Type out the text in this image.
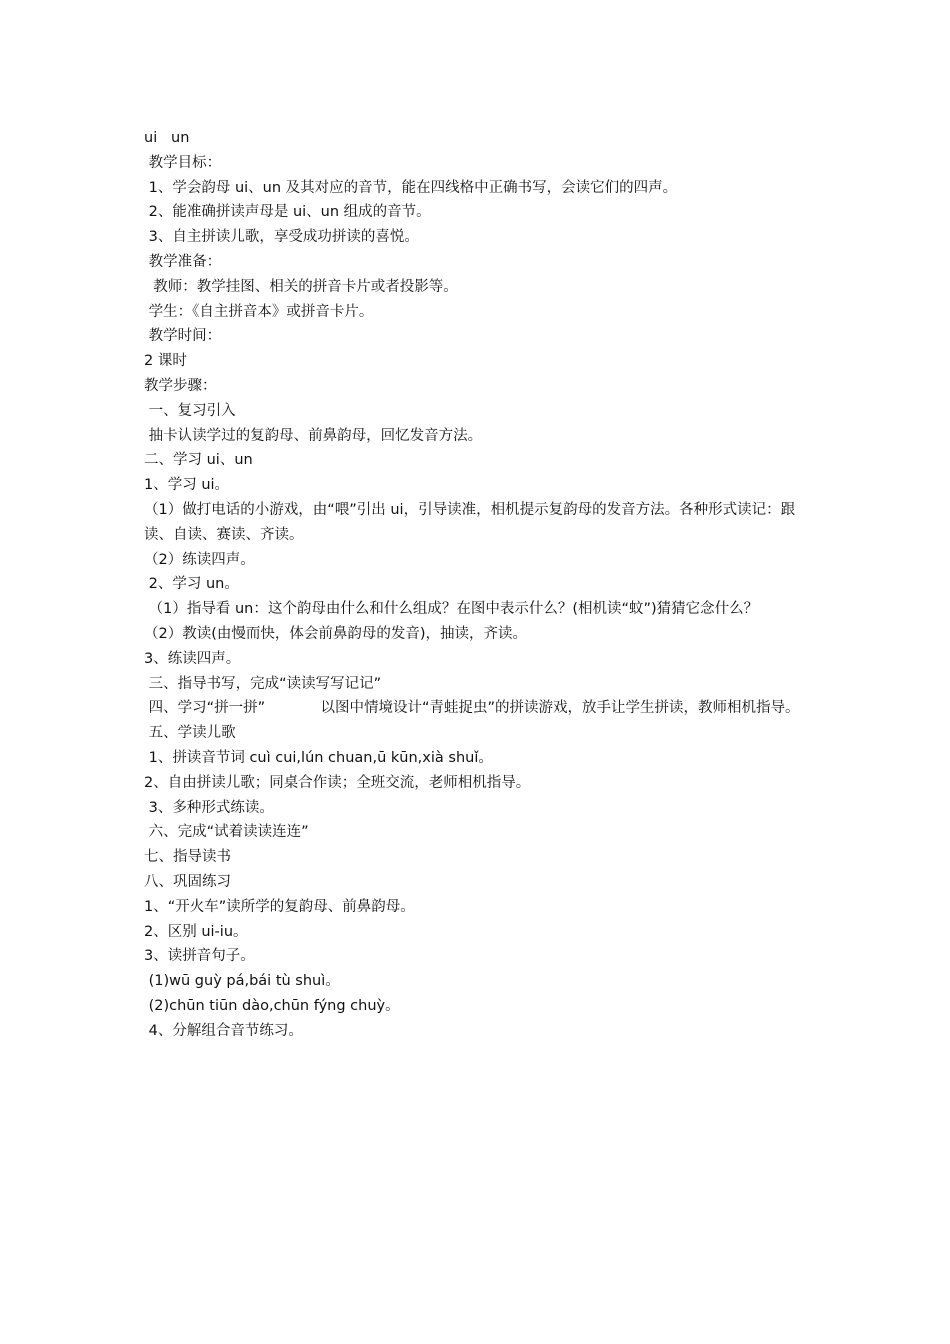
ui   un

教学目标：

1、学会韵母 ui、un 及其对应的音节，能在四线格中正确书写，会读它们的四声。

2、能准确拼读声母是 ui、un 组成的音节。

3、自主拼读儿歌，享受成功拼读的喜悦。

教学准备：

教师：教学挂图、相关的拼音卡片或者投影等。

学生：《自主拼音本》或拼音卡片。

教学时间：

2 课时

教学步骤：

一、复习引入

抽卡认读学过的复韵母、前鼻韵母，回忆发音方法。

二、学习 ui、un

1、学习 ui。

（1）做打电话的小游戏，由“喂”引出 ui，引导读准，相机提示复韵母的发音方法。各种形式读记：跟读、自读、赛读、齐读。

（2）练读四声。

2、学习 un。

（1）指导看 un：这个韵母由什么和什么组成？在图中表示什么？(相机读“蚊”)猜猜它念什么？

（2）教读(由慢而快，体会前鼻韵母的发音)，抽读，齐读。

3、练读四声。

三、指导书写，完成“读读写写记记”

四、学习“拼一拼”            以图中情境设计“青蛙捉虫”的拼读游戏，放手让学生拼读，教师相机指导。

五、学读儿歌

1、拼读音节词 cuì cui,lún chuan,ū kūn,xià shuǐ。

2、自由拼读儿歌；同桌合作读；全班交流，老师相机指导。

3、多种形式练读。

六、完成“试着读读连连”

七、指导读书

八、巩固练习

1、“开火车”读所学的复韵母、前鼻韵母。

2、区别 ui-iu。

3、读拼音句子。

(1)wū guỳ pá,bái tù shuì。

(2)chūn tiūn dào,chūn fýng chuỳ。

4、分解组合音节练习。
